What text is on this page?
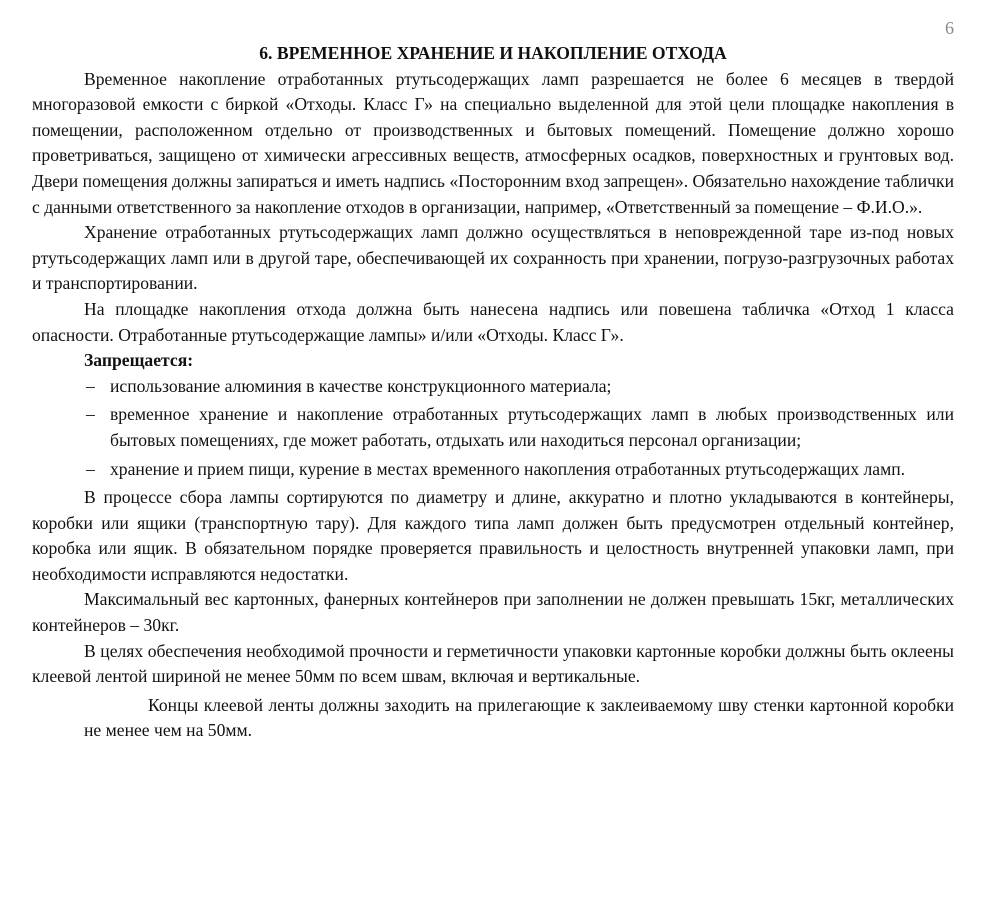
6
6. ВРЕМЕННОЕ ХРАНЕНИЕ И НАКОПЛЕНИЕ ОТХОДА

Временное накопление отработанных ртутьсодержащих ламп разрешается не более 6 месяцев в твердой многоразовой емкости с биркой «Отходы. Класс Г» на специально выделенной для этой цели площадке накопления в помещении, расположенном отдельно от производственных и бытовых помещений. Помещение должно хорошо проветриваться, защищено от химически агрессивных веществ, атмосферных осадков, поверхностных и грунтовых вод. Двери помещения должны запираться и иметь надпись «Посторонним вход запрещен». Обязательно нахождение таблички с данными ответственного за накопление отходов в организации, например, «Ответственный за помещение – Ф.И.О.».

Хранение отработанных ртутьсодержащих ламп должно осуществляться в неповрежденной таре из-под новых ртутьсодержащих ламп или в другой таре, обеспечивающей их сохранность при хранении, погрузо-разгрузочных работах и транспортировании.

На площадке накопления отхода должна быть нанесена надпись или повешена табличка «Отход 1 класса опасности. Отработанные ртутьсодержащие лампы» и/или «Отходы. Класс Г».

Запрещается:
– использование алюминия в качестве конструкционного материала;
– временное хранение и накопление отработанных ртутьсодержащих ламп в любых производственных или бытовых помещениях, где может работать, отдыхать или находиться персонал организации;
– хранение и прием пищи, курение в местах временного накопления отработанных ртутьсодержащих ламп.

В процессе сбора лампы сортируются по диаметру и длине, аккуратно и плотно укладываются в контейнеры, коробки или ящики (транспортную тару). Для каждого типа ламп должен быть предусмотрен отдельный контейнер, коробка или ящик. В обязательном порядке проверяется правильность и целостность внутренней упаковки ламп, при необходимости исправляются недостатки.

Максимальный вес картонных, фанерных контейнеров при заполнении не должен превышать 15кг, металлических контейнеров – 30кг.

В целях обеспечения необходимой прочности и герметичности упаковки картонные коробки должны быть оклеены клеевой лентой шириной не менее 50мм по всем швам, включая и вертикальные.

Концы клеевой ленты должны заходить на прилегающие к заклеиваемому шву стенки картонной коробки не менее чем на 50мм.
